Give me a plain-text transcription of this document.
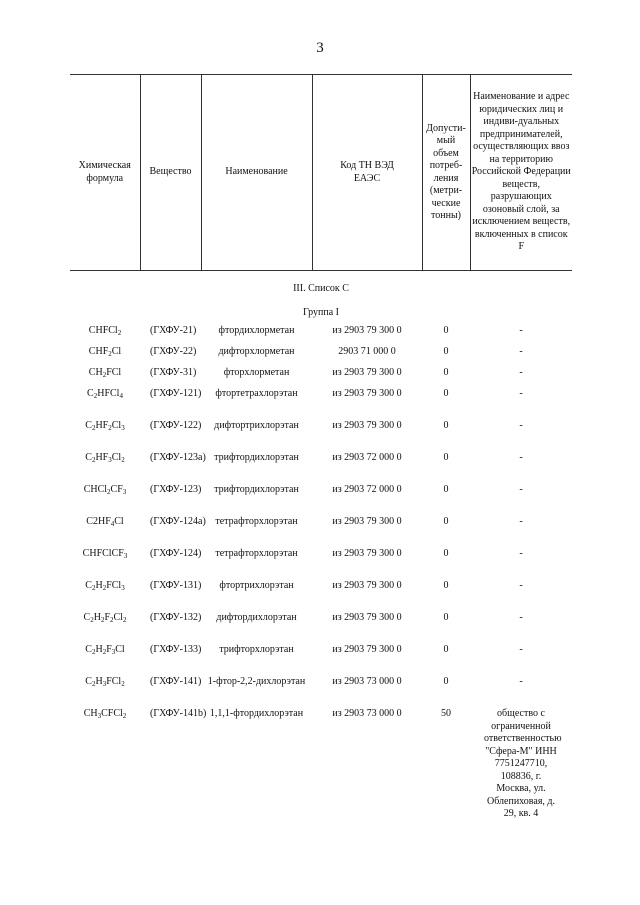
3
Химическая формула	Вещество	Наименование	Код ТН ВЭД ЕАЭС	Допусти-мый объем потреб-ления (метри-ческие тонны)	Наименование и адрес юридических лиц и индиви-дуальных предпринимателей, осуществляющих ввоз на территорию Российской Федерации веществ, разрушающих озоновый слой, за исключением веществ, включенных в список F
III. Список C					
Группа I					
CHFCl$_2$	(ГХФУ-21)	фтордихлорметан	из 2903 79 300 0	0	-
$CHF_2Cl$	(ГХФУ-22)	дифторхлорметан	2903 71 000 0	0	-
$CH_2FCl$	(ГХФУ-31)	фторхлорметан	из 2903 79 300 0	0	-
$C_2HFCl_4$	(ГХФУ-121)	фтортетрахлорэтан	из 2903 79 300 0	0	-
$C_2HF_2Cl_3$	(ГХФУ-122)	дифтортрихлорэтан	из 2903 79 300 0	0	-
$C_2HF_3Cl_2$	(ГХФУ-123а)	трифтордихлорэтан	из 2903 72 000 0	0	-
$CHCl_2CF_3$	(ГХФУ-123)	трифтордихлорэтан	из 2903 72 000 0	0	-
$C2HF_4Cl$	(ГХФУ-124а)	тетрафторхлорэтан	из 2903 79 300 0	0	-
CHFClCF$_3$	(ГХФУ-124)	тетрафторхлорэтан	из 2903 79 300 0	0	-
$C_2H_2FCl_3$	(ГХФУ-131)	фтортрихлорэтан	из 2903 79 300 0	0	-
$C_2H_2F_2Cl_2$	(ГХФУ-132)	дифтордихлорэтан	из 2903 79 300 0	0	-
$C_2H_2F_3Cl$	(ГХФУ-133)	трифторхлорэтан	из 2903 79 300 0	0	-
$C_2H_3FCl_2$	(ГХФУ-141)	1-фтор-2,2-дихлорэтан	из 2903 73 000 0	0	-
$CH_3CFCl_2$	(ГХФУ-141b)	1,1,1-фтордихлорэтан	из 2903 73 000 0	50	общество с ограниченной ответственностью "Сфера-М" ИНН 7751247710, 108836, г. Москва, ул. Облепиховая, д. 29, кв. 4
